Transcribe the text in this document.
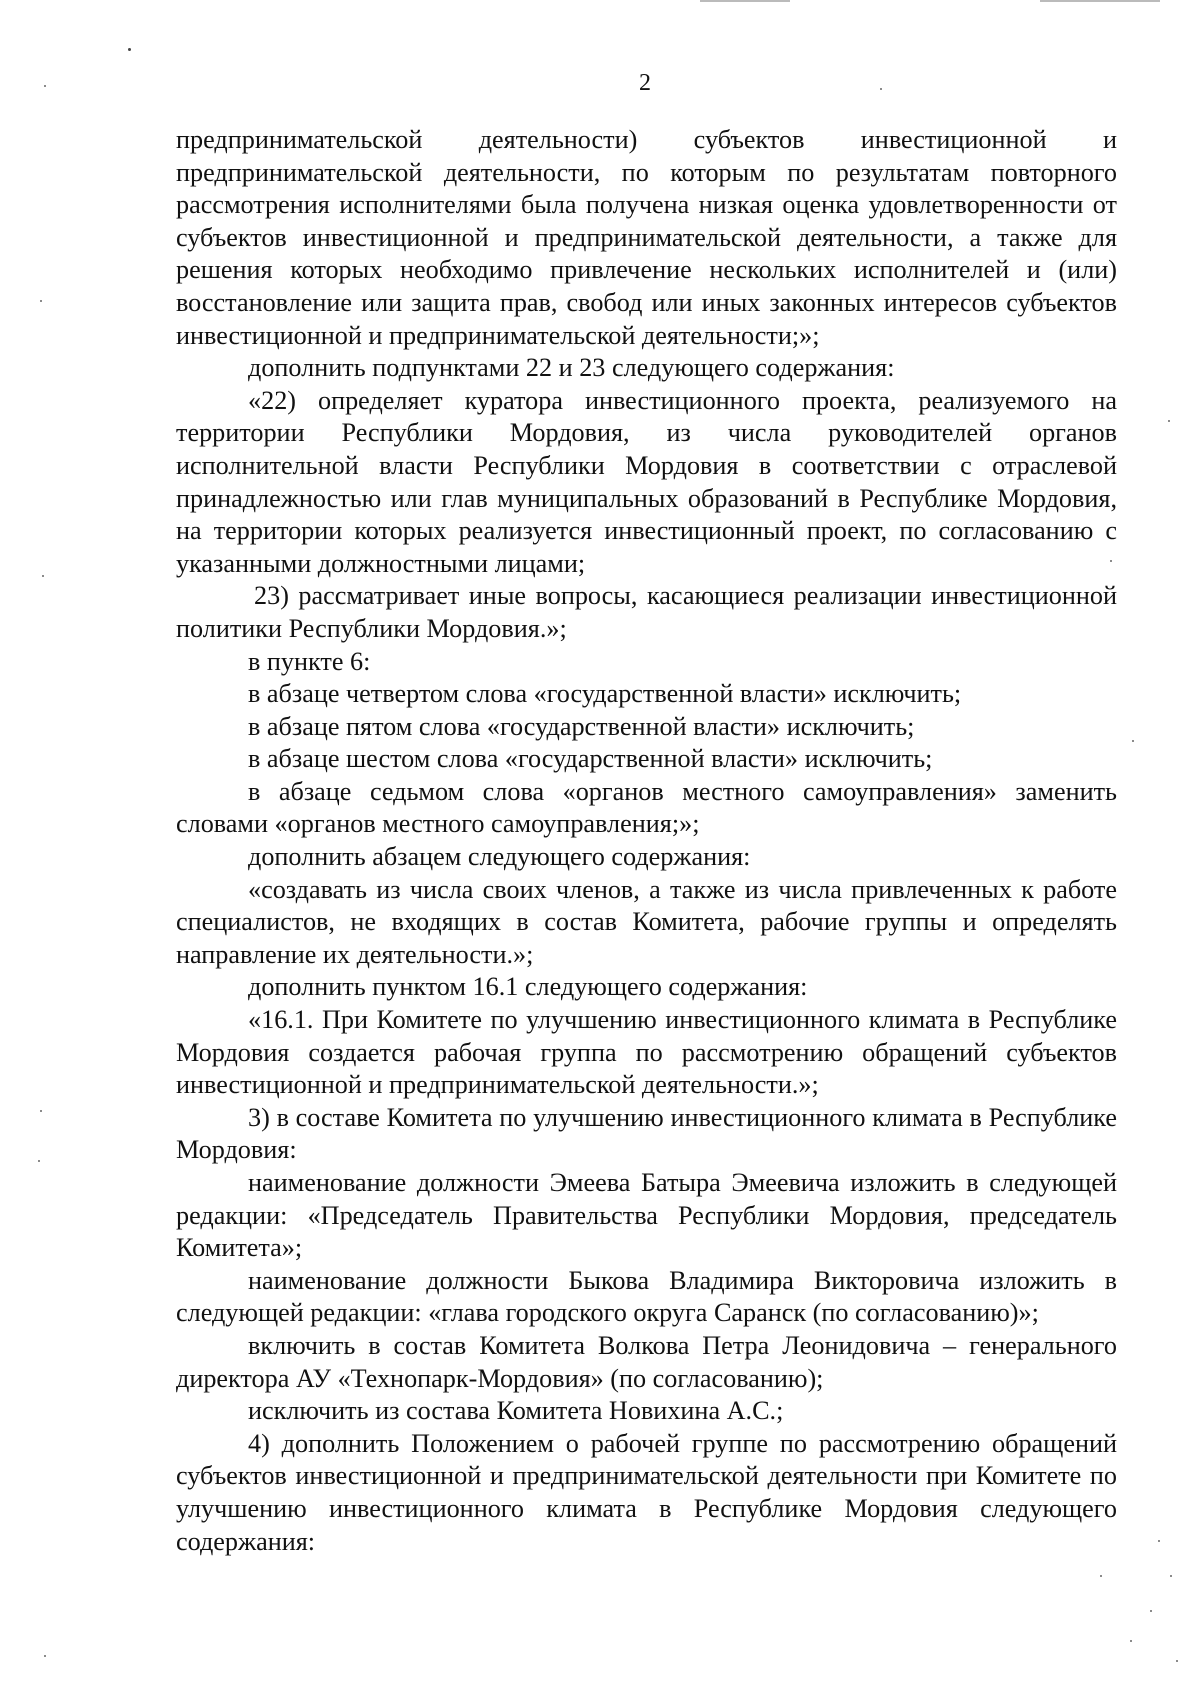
2

предпринимательской деятельности) субъектов инвестиционной и предпринимательской деятельности, по которым по результатам повторного рассмотрения исполнителями была получена низкая оценка удовлетворенности от субъектов инвестиционной и предпринимательской деятельности, а также для решения которых необходимо привлечение нескольких исполнителей и (или) восстановление или защита прав, свобод или иных законных интересов субъектов инвестиционной и предпринимательской деятельности;»;

дополнить подпунктами 22 и 23 следующего содержания:

«22) определяет куратора инвестиционного проекта, реализуемого на территории Республики Мордовия, из числа руководителей органов исполнительной власти Республики Мордовия в соответствии с отраслевой принадлежностью или глав муниципальных образований в Республике Мордовия, на территории которых реализуется инвестиционный проект, по согласованию с указанными должностными лицами;

23) рассматривает иные вопросы, касающиеся реализации инвестиционной политики Республики Мордовия.»;

в пункте 6:

в абзаце четвертом слова «государственной власти» исключить;

в абзаце пятом слова «государственной власти» исключить;

в абзаце шестом слова «государственной власти» исключить;

в абзаце седьмом слова «органов местного самоуправления» заменить словами «органов местного самоуправления;»;

дополнить абзацем следующего содержания:

«создавать из числа своих членов, а также из числа привлеченных к работе специалистов, не входящих в состав Комитета, рабочие группы и определять направление их деятельности.»;

дополнить пунктом 16.1 следующего содержания:

«16.1. При Комитете по улучшению инвестиционного климата в Республике Мордовия создается рабочая группа по рассмотрению обращений субъектов инвестиционной и предпринимательской деятельности.»;

3) в составе Комитета по улучшению инвестиционного климата в Республике Мордовия:

наименование должности Эмеева Батыра Эмеевича изложить в следующей редакции: «Председатель Правительства Республики Мордовия, председатель Комитета»;

наименование должности Быкова Владимира Викторовича изложить в следующей редакции: «глава городского округа Саранск (по согласованию)»;

включить в состав Комитета Волкова Петра Леонидовича – генерального директора АУ «Технопарк-Мордовия» (по согласованию);

исключить из состава Комитета Новихина А.С.;

4) дополнить Положением о рабочей группе по рассмотрению обращений субъектов инвестиционной и предпринимательской деятельности при Комитете по улучшению инвестиционного климата в Республике Мордовия следующего содержания:
